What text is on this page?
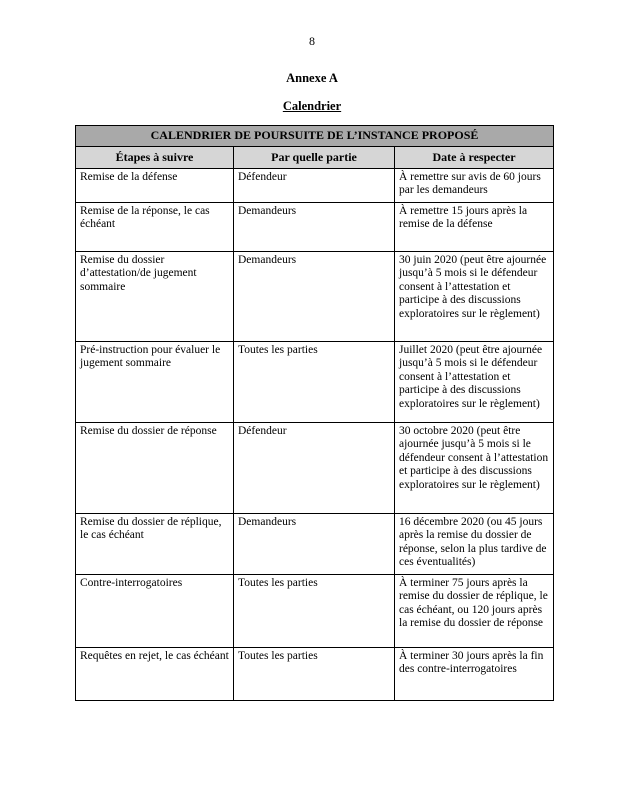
8
Annexe A
Calendrier
CALENDRIER DE POURSUITE DE L’INSTANCE PROPOSÉ		
Étapes à suivre	Par quelle partie	Date à respecter
Remise de la défense	Défendeur	À remettre sur avis de 60 jours par les demandeurs
Remise de la réponse, le cas échéant	Demandeurs	À remettre 15 jours après la remise de la défense
Remise du dossier d’attestation/de jugement sommaire	Demandeurs	30 juin 2020 (peut être ajournée jusqu’à 5 mois si le défendeur consent à l’attestation et participe à des discussions exploratoires sur le règlement)
Pré-instruction pour évaluer le jugement sommaire	Toutes les parties	Juillet 2020 (peut être ajournée jusqu’à 5 mois si le défendeur consent à l’attestation et participe à des discussions exploratoires sur le règlement)
Remise du dossier de réponse	Défendeur	30 octobre 2020 (peut être ajournée jusqu’à 5 mois si le défendeur consent à l’attestation et participe à des discussions exploratoires sur le règlement)
Remise du dossier de réplique, le cas échéant	Demandeurs	16 décembre 2020 (ou 45 jours après la remise du dossier de réponse, selon la plus tardive de ces éventualités)
Contre-interrogatoires	Toutes les parties	À terminer 75 jours après la remise du dossier de réplique, le cas échéant, ou 120 jours après la remise du dossier de réponse
Requêtes en rejet, le cas échéant	Toutes les parties	À terminer 30 jours après la fin des contre-interrogatoires
